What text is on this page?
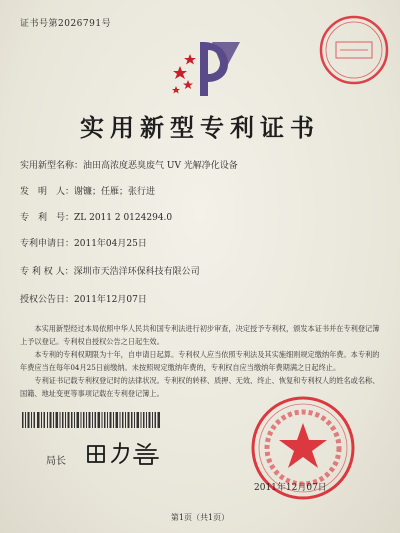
证书号第2026791号
实用新型专利证书
实用新型名称：油田高浓度恶臭废气 UV 光解净化设备
发　明　人：谢镰；任雁；张行进
专　利　号：ZL 2011 2 0124294.0
专利申请日：2011年04月25日
专 利 权 人：深圳市天浩洋环保科技有限公司
授权公告日：2011年12月07日

本实用新型经过本局依照中华人民共和国专利法进行初步审查，决定授予专利权，颁发本证书并在专利登记簿上予以登记。专利权自授权公告之日起生效。

本专利的专利权期限为十年，自申请日起算。专利权人应当依照专利法及其实施细则规定缴纳年费。本专利的年费应当在每年04月25日前缴纳。未按照规定缴纳年费的，专利权自应当缴纳年费期满之日起终止。

专利证书记载专利权登记时的法律状况。专利权的转移、质押、无效、终止、恢复和专利权人的姓名或名称、国籍、地址变更等事项记载在专利登记簿上。

局长
2011年12月07日
第1页（共1页）
